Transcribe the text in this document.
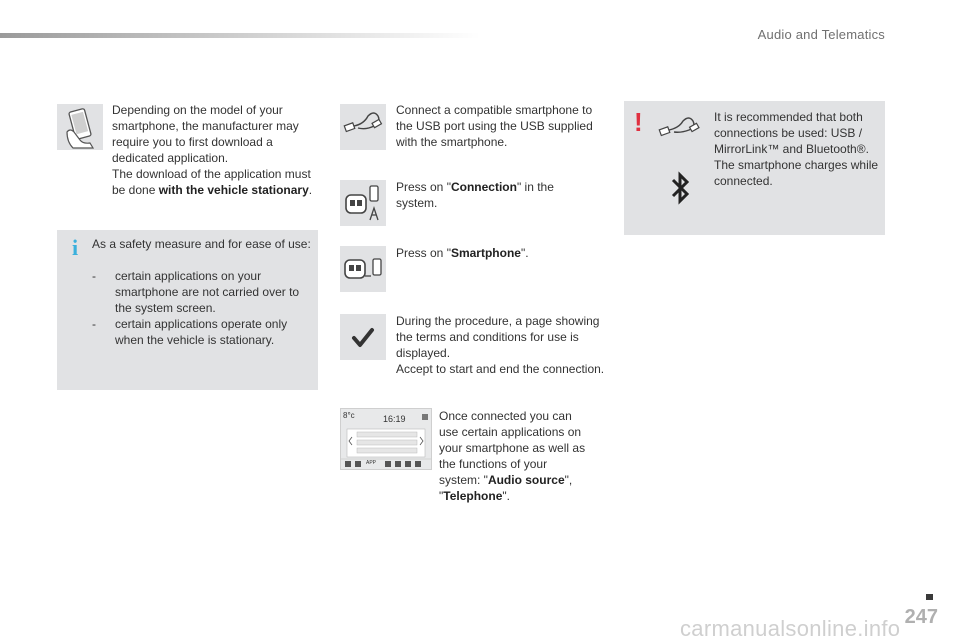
Audio and Telematics

Depending on the model of your smartphone, the manufacturer may require you to first download a dedicated application.

The download of the application must be done with the vehicle stationary.

i As a safety measure and for ease of use:
- certain applications on your smartphone are not carried over to the system screen.
- certain applications operate only when the vehicle is stationary.
Connect a compatible smartphone to the USB port using the USB supplied with the smartphone.
Press on "Connection" in the system.
Press on "Smartphone".

During the procedure, a page showing the terms and conditions for use is displayed.

Accept to start and end the connection.

8°c	16:19
APP
Once connected you can use certain applications on your smartphone as well as the functions of your system: "Audio source", "Telephone".
!	It is recommended that both connections be used: USB / MirrorLink™ and Bluetooth®.

The smartphone charges while connected.

247
carmanualsonline.info
